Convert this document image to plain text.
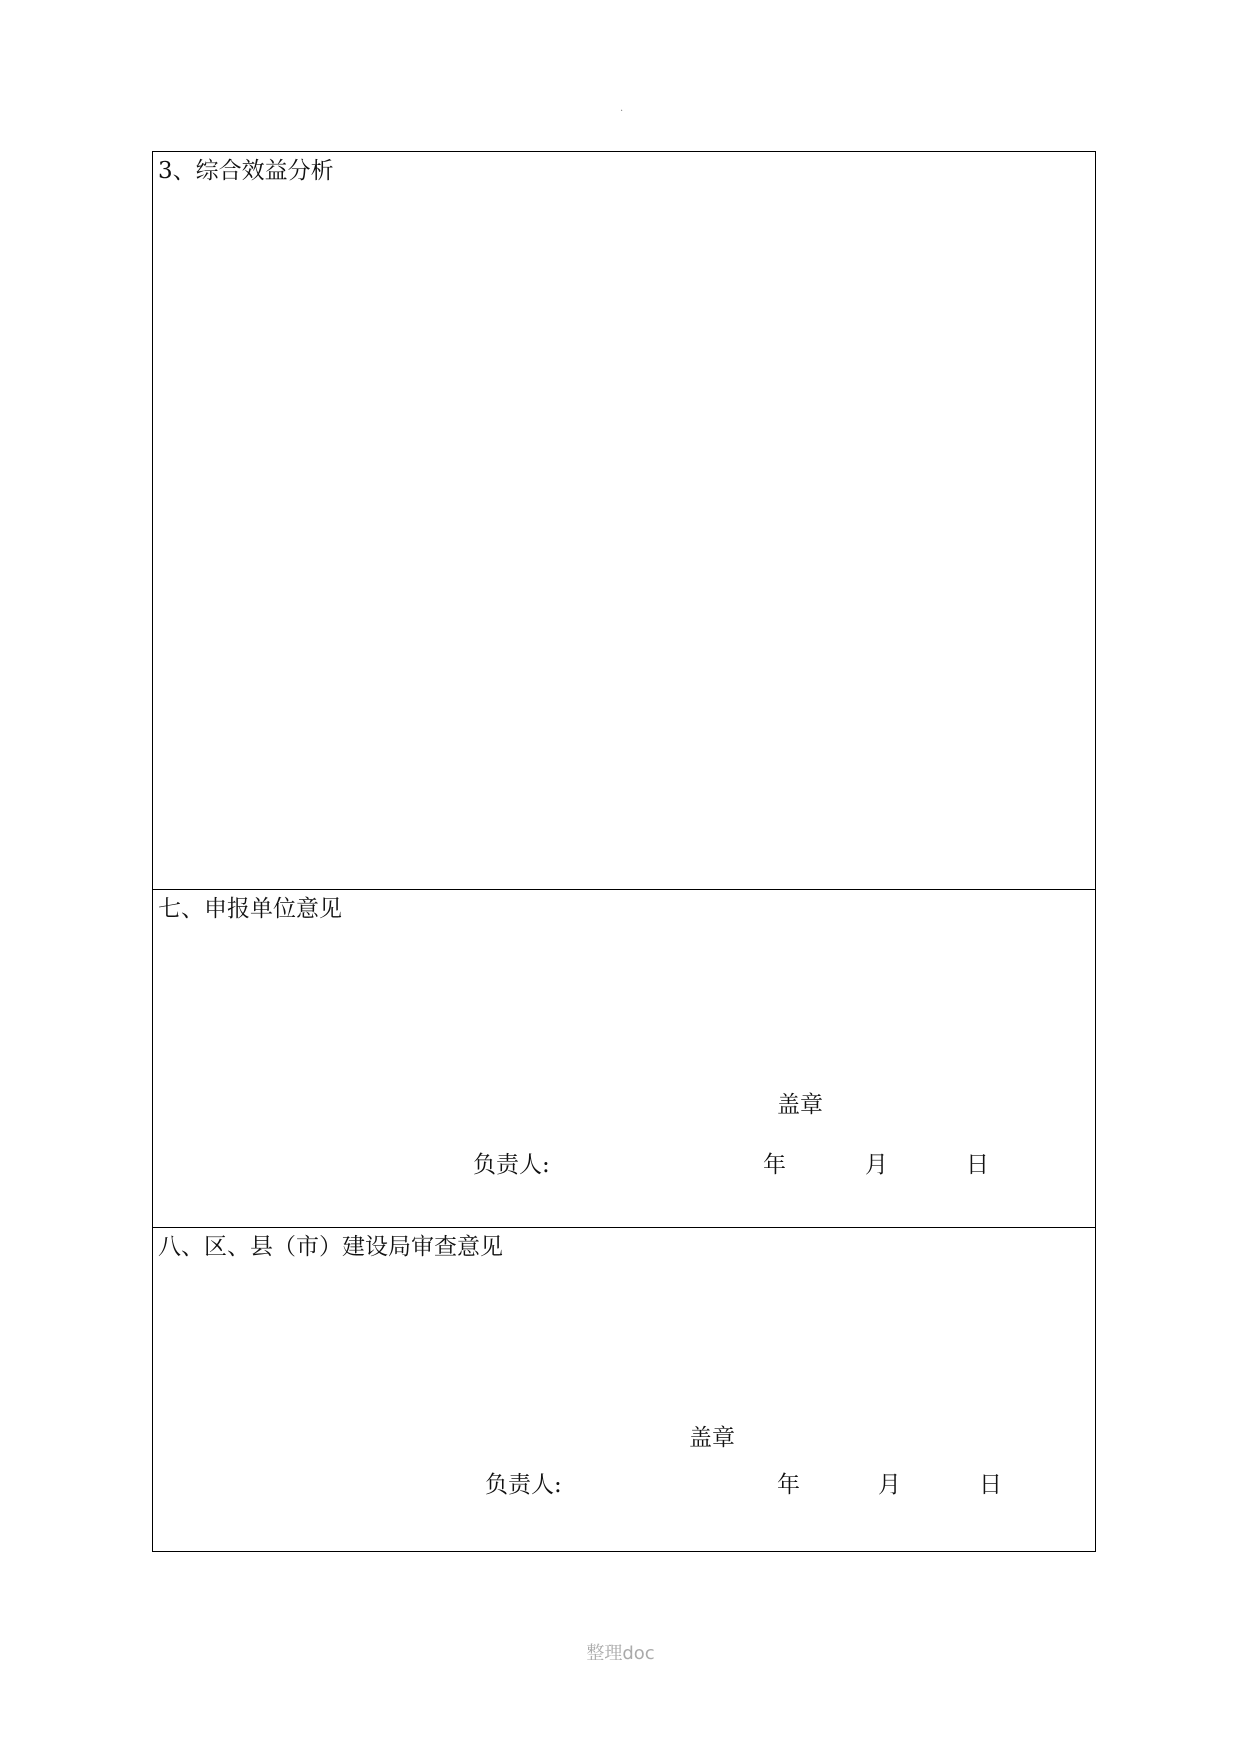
.
3、综合效益分析
七、申报单位意见
盖章
负责人:	年	月	日
八、区、县（市）建设局审查意见
盖章
负责人:	年	月	日
整理doc
